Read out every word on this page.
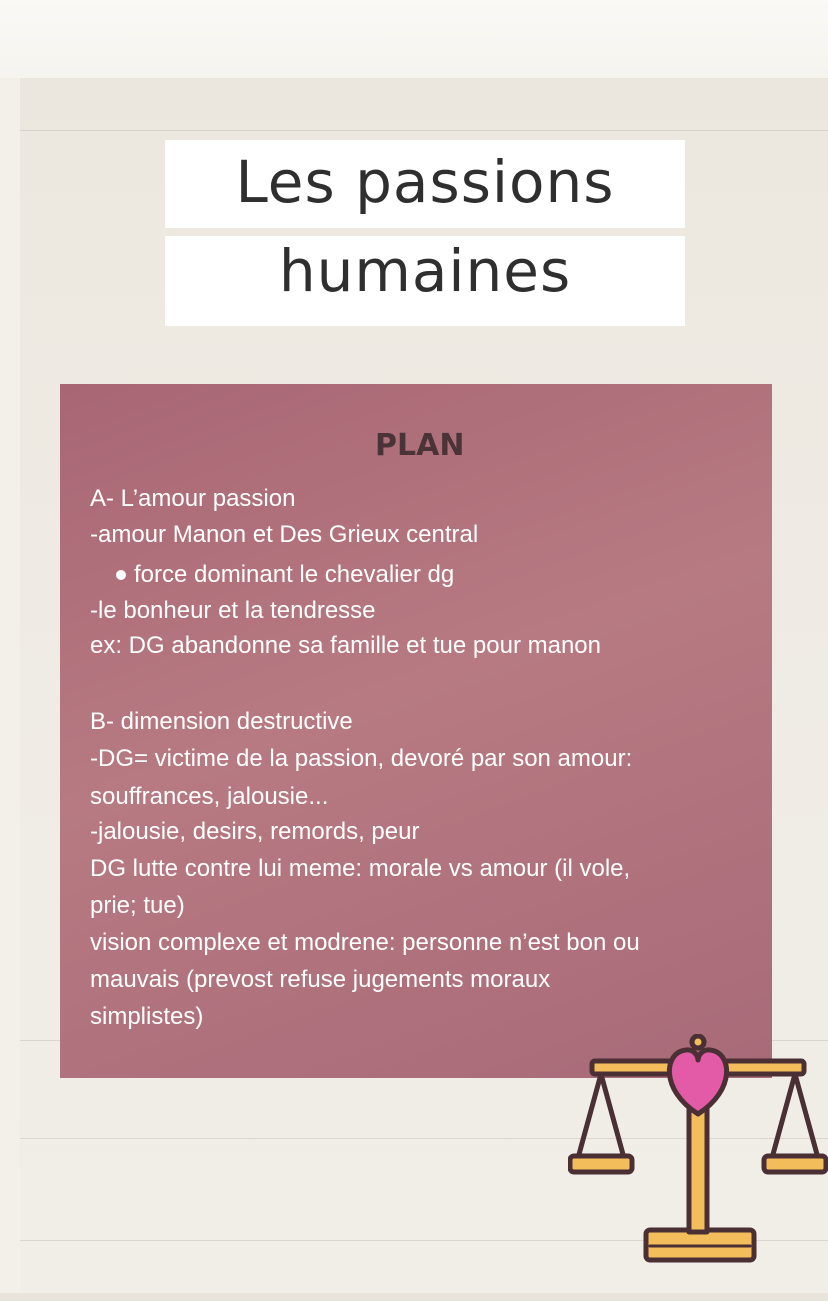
Les passions
humaines
PLAN
A- L’amour passion
-amour Manon et Des Grieux central
force dominant le chevalier dg
-le bonheur et la tendresse
ex: DG abandonne sa famille et tue pour manon
B- dimension destructive
-DG= victime de la passion, devoré par son amour:
souffrances, jalousie...
-jalousie, desirs, remords, peur
DG lutte contre lui meme: morale vs amour (il vole,
prie; tue)
vision complexe et modrene: personne n’est bon ou
mauvais (prevost refuse jugements moraux
simplistes)
